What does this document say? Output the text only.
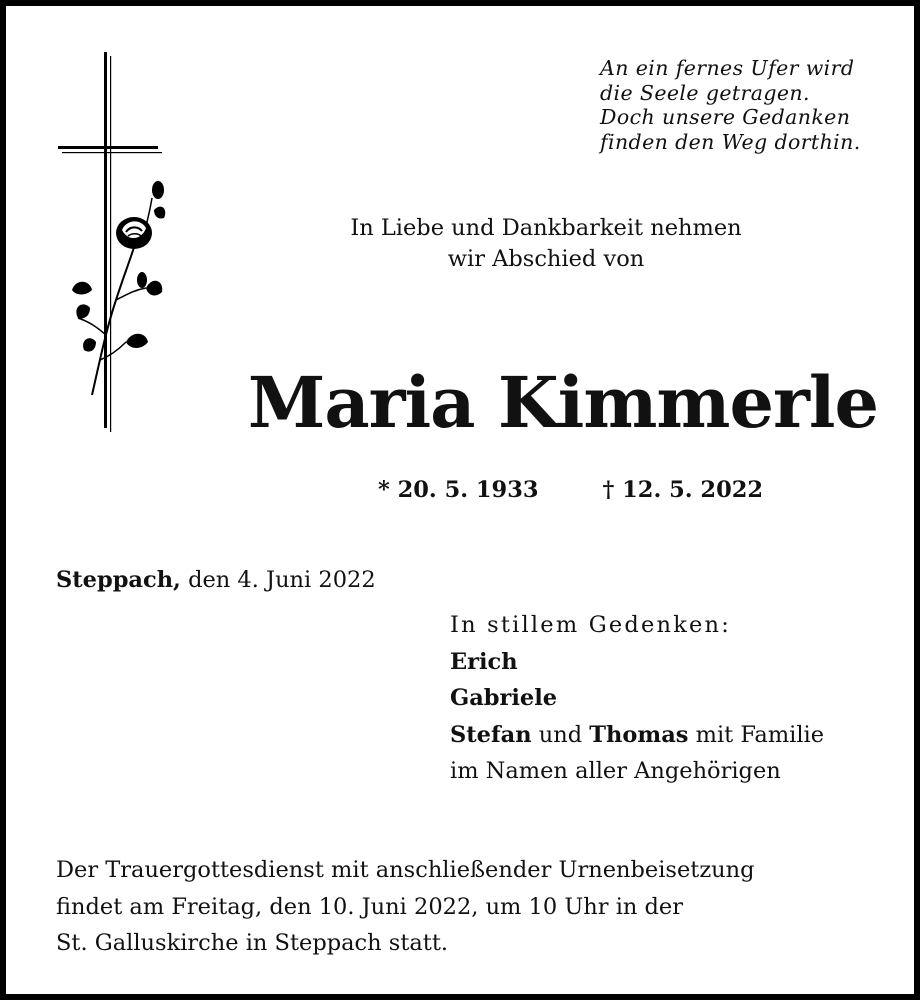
An ein fernes Ufer wird
die Seele getragen.
Doch unsere Gedanken
finden den Weg dorthin.
In Liebe und Dankbarkeit nehmen
wir Abschied von
Maria Kimmerle
* 20. 5. 1933	† 12. 5. 2022
Steppach, den 4. Juni 2022
In stillem Gedenken:
Erich
Gabriele
Stefan und Thomas mit Familie
im Namen aller Angehörigen
Der Trauergottesdienst mit anschließender Urnenbeisetzung
findet am Freitag, den 10. Juni 2022, um 10 Uhr in der
St. Galluskirche in Steppach statt.
